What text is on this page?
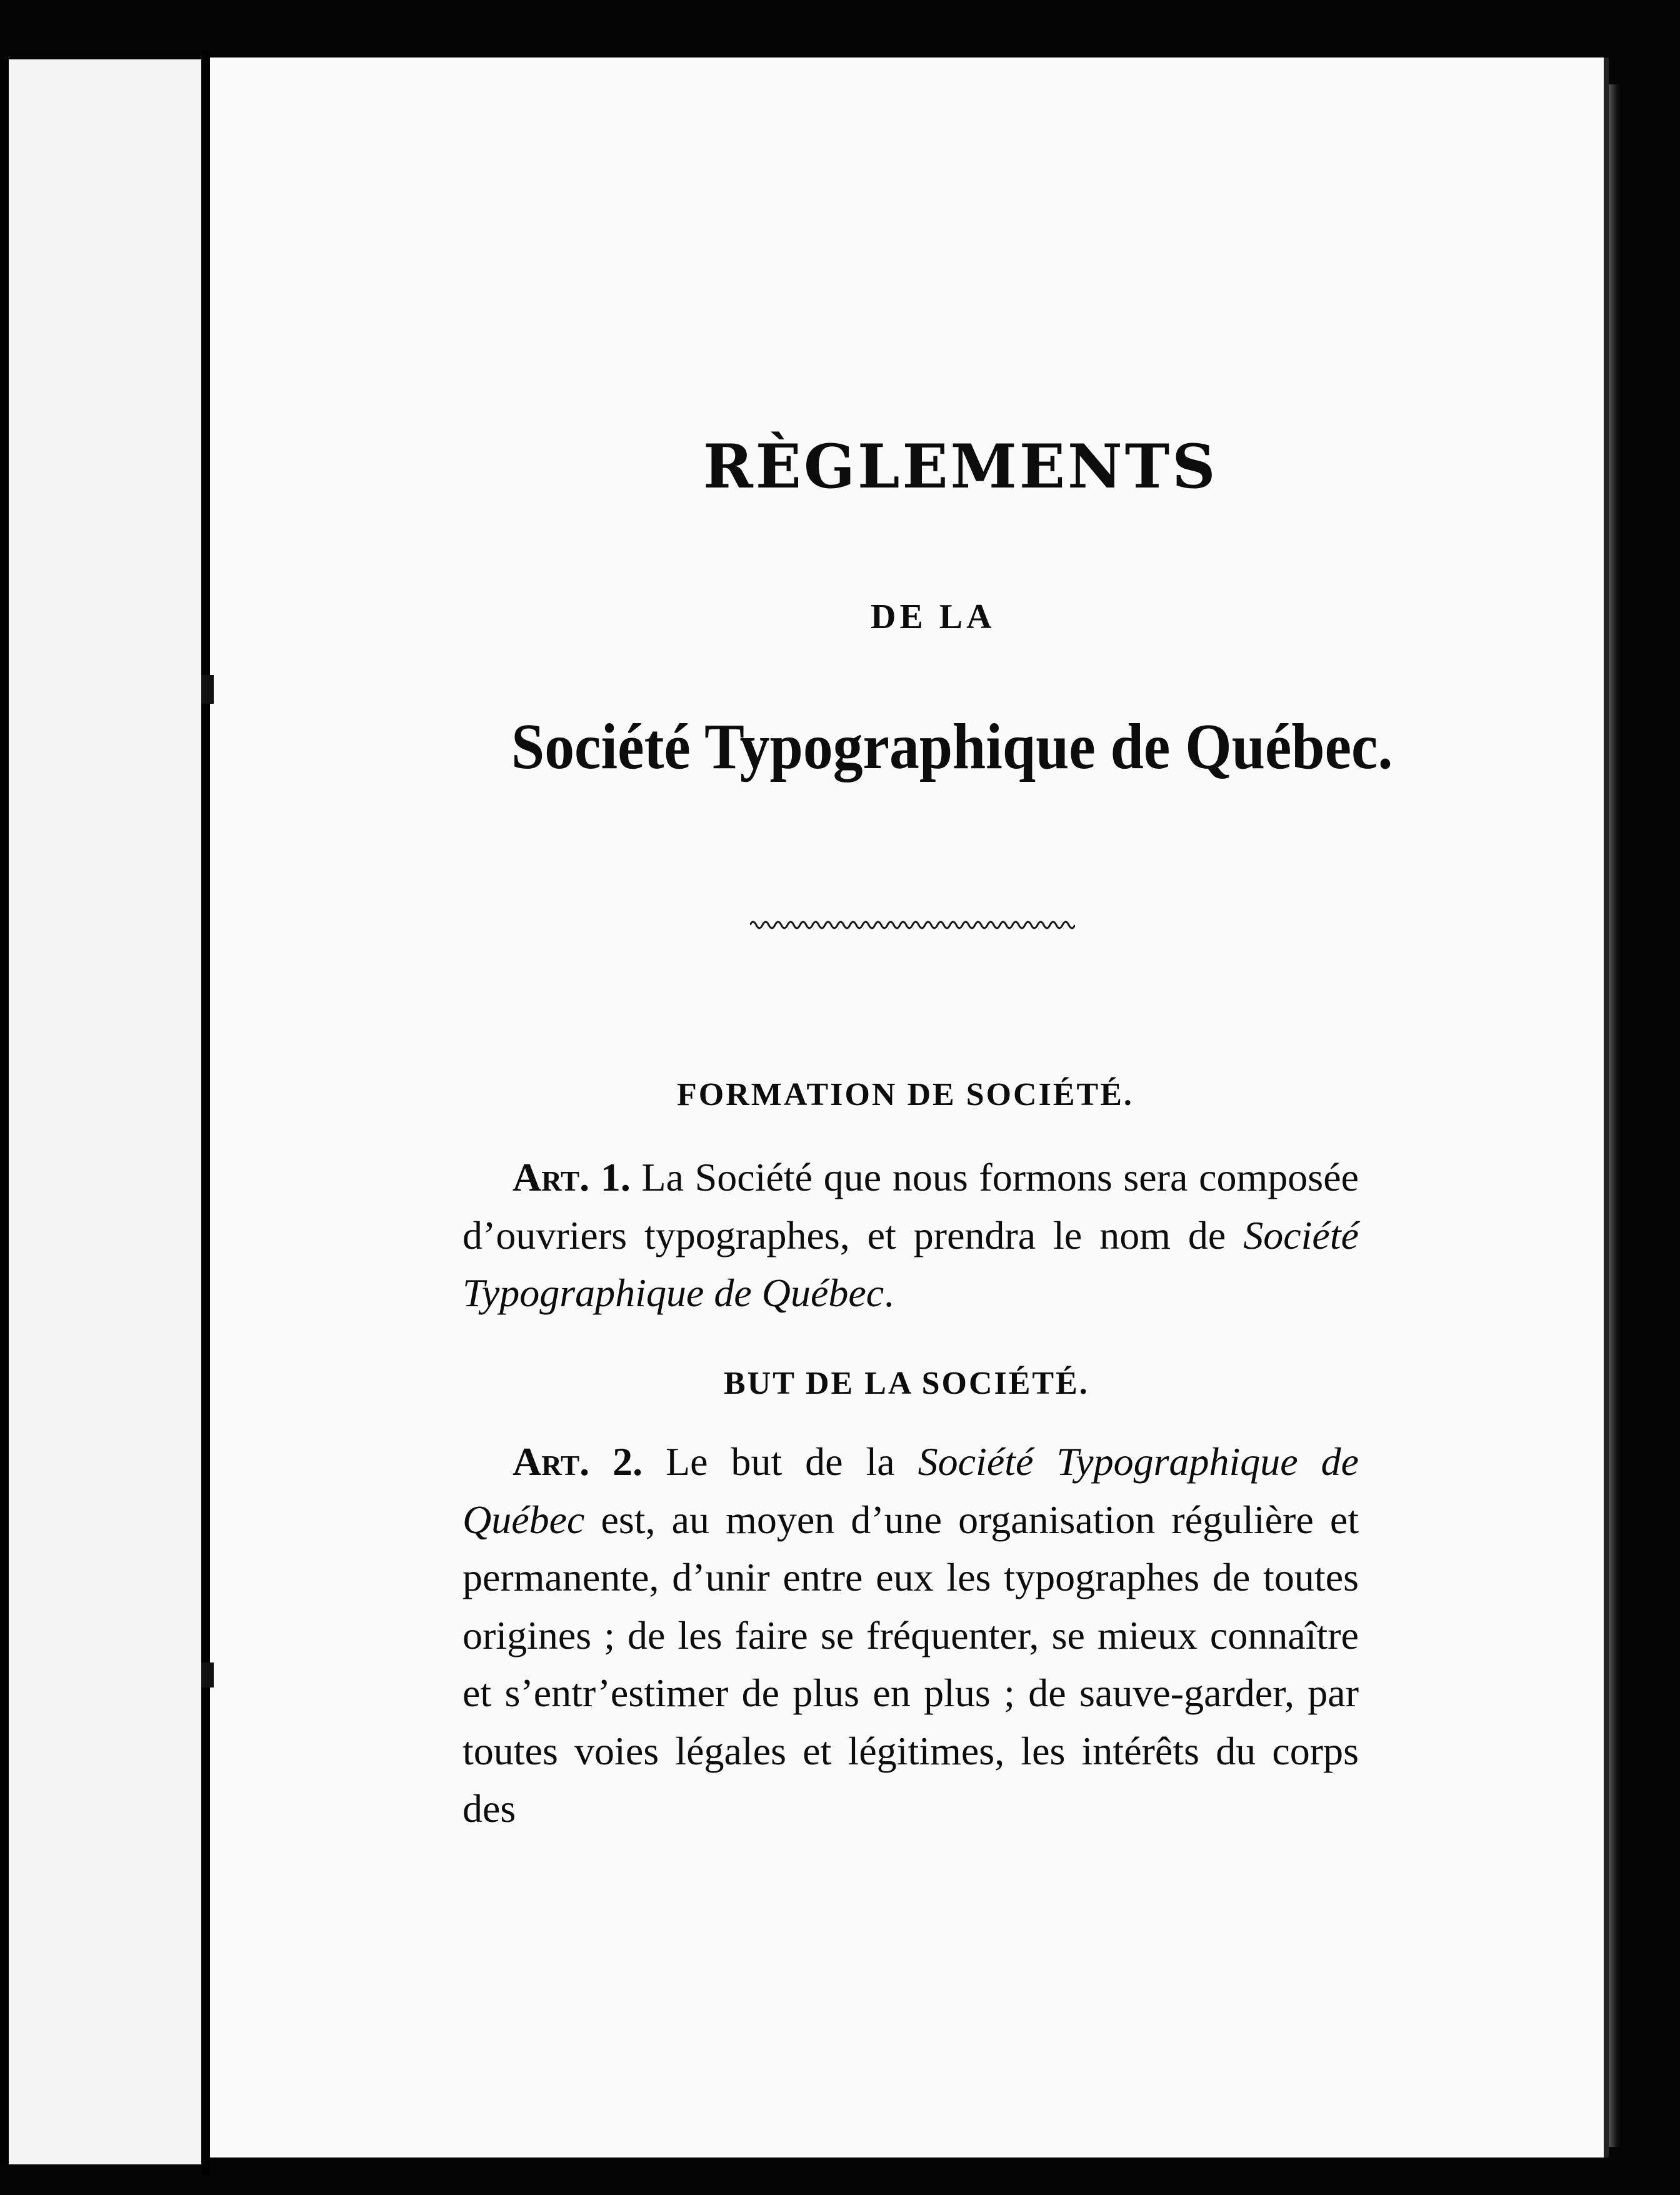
RÈGLEMENTS
DE LA
Société Typographique de Québec.
FORMATION DE SOCIÉTÉ.
Art. 1. La Société que nous formons sera composée d’ouvriers typographes, et prendra le nom de Société Typographique de Québec.
BUT DE LA SOCIÉTÉ.
Art. 2. Le but de la Société Typographique de Québec est, au moyen d’une organisation régulière et permanente, d’unir entre eux les typographes de toutes origines ; de les faire se fréquenter, se mieux connaître et s’entr’estimer de plus en plus ; de sauve-garder, par toutes voies légales et légitimes, les intérêts du corps des
